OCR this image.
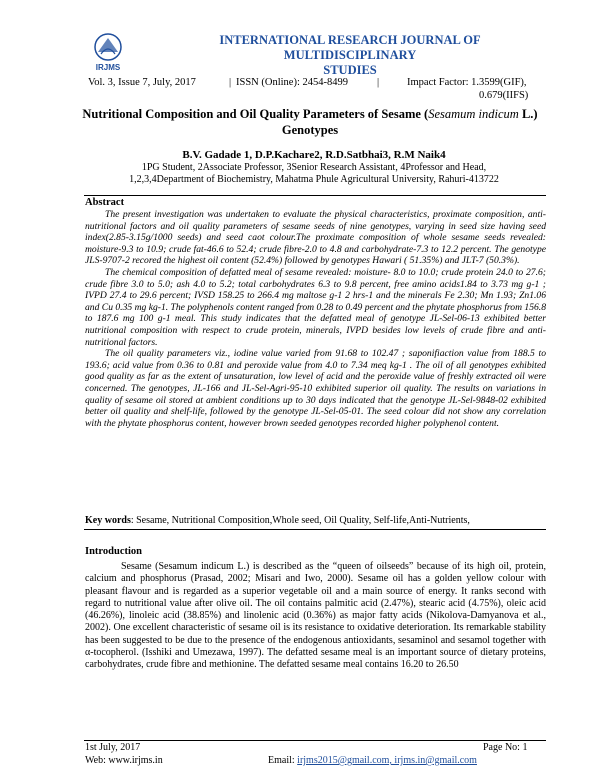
IRJMS
INTERNATIONAL RESEARCH JOURNAL OF MULTIDISCIPLINARY
STUDIES
Vol. 3, Issue 7, July, 2017	| ISSN (Online): 2454-8499	|	Impact Factor: 1.3599(GIF),
0.679(IIFS)
Nutritional Composition and Oil Quality Parameters of Sesame (Sesamum indicum L.) Genotypes
B.V. Gadade 1, D.P.Kachare2, R.D.Satbhai3, R.M Naik4
1PG Student, 2Associate Professor, 3Senior Research Assistant, 4Professor and Head,
1,2,3,4Department of Biochemistry, Mahatma Phule Agricultural University, Rahuri-413722
Abstract

The present investigation was undertaken to evaluate the physical characteristics, proximate composition, anti-nutritional factors and oil quality parameters of sesame seeds of nine genotypes, varying in seed size having seed index(2.85-3.15g/1000 seeds) and seed caot colour.The proximate composition of whole sesame seeds revealed: moisture-9.3 to 10.9; crude fat-46.6 to 52.4; crude fibre-2.0 to 4.8 and carbohydrate-7.3 to 12.2 percent. The genotype JLS-9707-2 recored the highest oil content (52.4%) followed by genotypes Hawari ( 51.35%) and JLT-7 (50.3%).

The chemical composition of defatted meal of sesame revealed: moisture- 8.0 to 10.0; crude protein 24.0 to 27.6; crude fibre 3.0 to 5.0; ash 4.0 to 5.2; total carbohydrates 6.3 to 9.8 percent, free amino acids1.84 to 3.73 mg g-1 ; IVPD 27.4 to 29.6 percent; IVSD 158.25 to 266.4 mg maltose g-1 2 hrs-1 and the minerals Fe 2.30; Mn 1.93; Zn1.06 and Cu 0.35 mg kg-1. The polyphenols content ranged from 0.28 to 0.49 percent and the phytate phosphorus from 156.8 to 187.6 mg 100 g-1 meal. This study indicates that the defatted meal of genotype JL-Sel-06-13 exhibited better nutritional composition with respect to crude protein, minerals, IVPD besides low levels of crude fibre and anti-nutritional factors.

The oil quality parameters viz., iodine value varied from 91.68 to 102.47 ; saponifiaction value from 188.5 to 193.6; acid value from 0.36 to 0.81 and peroxide value from 4.0 to 7.34 meq kg-1 . The oil of all genotypes exhibited good quality as far as the extent of unsaturation, low level of acid and the peroxide value of freshly extracted oil were concerned. The genotypes, JL-166 and JL-Sel-Agri-95-10 exhibited superior oil quality. The results on variations in quality of sesame oil stored at ambient conditions up to 30 days indicated that the genotype JL-Sel-9848-02 exhibited better oil quality and shelf-life, followed by the genotype JL-Sel-05-01. The seed colour did not show any correlation with the phytate phosphorus content, however brown seeded genotypes recorded higher polyphenol content.

Key words: Sesame, Nutritional Composition,Whole seed, Oil Quality, Self-life,Anti-Nutrients,
Introduction

Sesame (Sesamum indicum L.) is described as the “queen of oilseeds” because of its high oil, protein, calcium and phosphorus (Prasad, 2002; Misari and Iwo, 2000). Sesame oil has a golden yellow colour with pleasant flavour and is regarded as a superior vegetable oil and a main source of energy. It ranks second with regard to nutritional value after olive oil. The oil contains palmitic acid (2.47%), stearic acid (4.75%), oleic acid (46.26%), linoleic acid (38.85%) and linolenic acid (0.36%) as major fatty acids (Nikolova-Damyanova et al., 2002). One excellent characteristic of sesame oil is its resistance to oxidative deterioration. Its remarkable stability has been suggested to be due to the presence of the endogenous antioxidants, sesaminol and sesamol together with α-tocopherol. (Isshiki and Umezawa, 1997). The defatted sesame meal is an important source of dietary proteins, carbohydrates, crude fibre and methionine. The defatted sesame meal contains 16.20 to 26.50

1st July, 2017	Page No: 1
Web: www.irjms.in	Email: irjms2015@gmail.com, irjms.in@gmail.com
